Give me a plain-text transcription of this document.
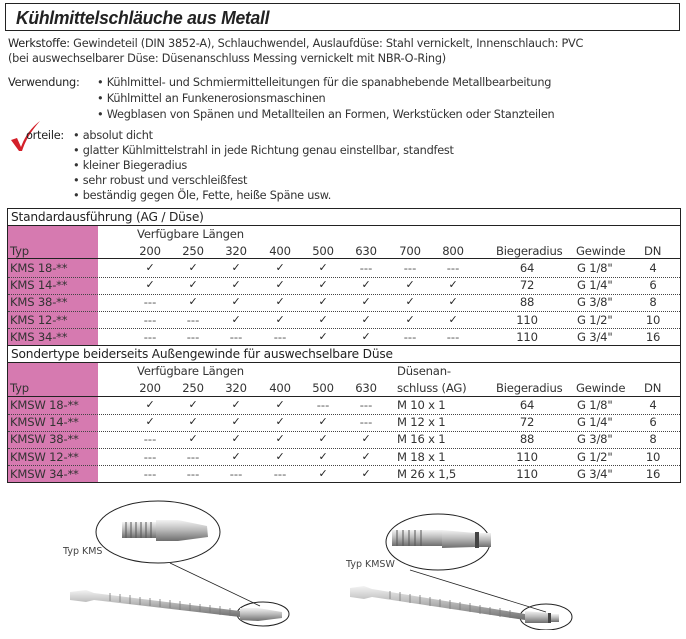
Kühlmittelschläuche aus Metall
Werkstoffe: Gewindeteil (DIN 3852-A), Schlauchwendel, Auslaufdüse: Stahl vernickelt, Innenschlauch: PVC
(bei auswechselbarer Düse: Düsenanschluss Messing vernickelt mit NBR-O-Ring)
Verwendung: • Kühlmittel- und Schmiermittelleitungen für die spanabhebende Metallbearbeitung
• Kühlmittel an Funkenerosionsmaschinen
• Wegblasen von Spänen und Metallteilen an Formen, Werkstücken oder Stanzteilen
orteile: • absolut dicht
• glatter Kühlmittelstrahl in jede Richtung genau einstellbar, standfest
• kleiner Biegeradius
• sehr robust und verschleißfest
• beständig gegen Öle, Fette, heiße Späne usw.
Standardausführung (AG / Düse)
Verfügbare Längen
Typ	200 250 320 400 500 630 700 800	Biegeradius Gewinde DN
KMS 18-**	✓	✓	✓	✓	✓	---	---	---	64	G 1/8"	4
KMS 14-**	✓	✓	✓	✓	✓	✓	✓	✓	72	G 1/4"	6
KMS 38-**	---	✓	✓	✓	✓	✓	✓	✓	88	G 3/8"	8
KMS 12-**	---	---	✓	✓	✓	✓	✓	✓	110	G 1/2"	10
KMS 34-**	---	---	---	---	✓	✓	---	---	110	G 3/4"	16
Sondertype beiderseits Außengewinde für auswechselbare Düse
Verfügbare Längen	Düsenan-
Typ	schluss (AG)
200 250 320 400 500 630	Biegeradius Gewinde DN
KMSW 18-**	✓	✓	✓	✓	---	--- M 10 x 1	64	G 1/8"	4
KMSW 14-**	✓	✓	✓	✓	✓	--- M 12 x 1	72	G 1/4"	6
KMSW 38-**	---	✓	✓	✓	✓	✓ M 16 x 1	88	G 3/8"	8
KMSW 12-**	---	---	✓	✓	✓	✓ M 18 x 1	110	G 1/2"	10
KMSW 34-**	---	---	---	---	✓	✓ M 26 x 1,5	110	G 3/4"	16
Typ KMS
Typ KMSW
